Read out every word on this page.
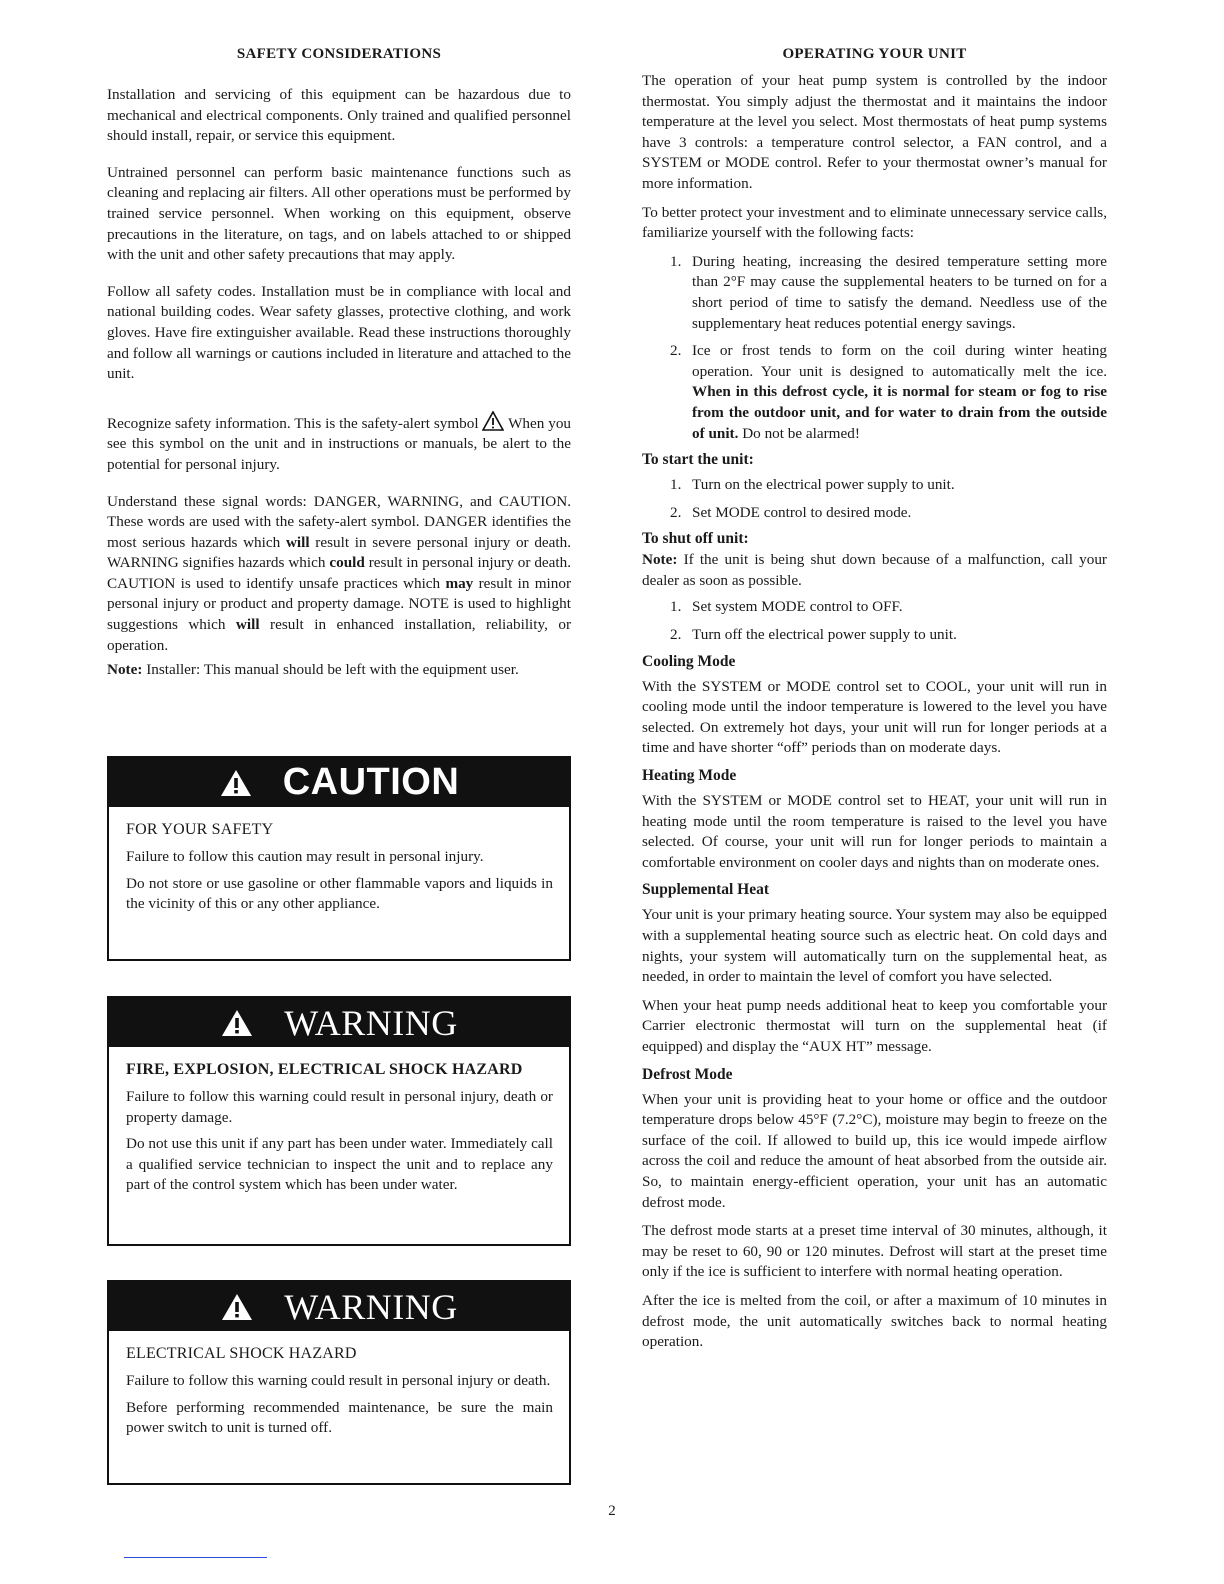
SAFETY CONSIDERATIONS

Installation and servicing of this equipment can be hazardous due to mechanical and electrical components. Only trained and qualified personnel should install, repair, or service this equipment.

Untrained personnel can perform basic maintenance functions such as cleaning and replacing air filters. All other operations must be performed by trained service personnel. When working on this equipment, observe precautions in the literature, on tags, and on labels attached to or shipped with the unit and other safety precautions that may apply.

Follow all safety codes. Installation must be in compliance with local and national building codes. Wear safety glasses, protective clothing, and work gloves. Have fire extinguisher available. Read these instructions thoroughly and follow all warnings or cautions included in literature and attached to the unit.

Recognize safety information. This is the safety-alert symbol When you see this symbol on the unit and in instructions or manuals, be alert to the potential for personal injury.

Understand these signal words: DANGER, WARNING, and CAUTION. These words are used with the safety-alert symbol. DANGER identifies the most serious hazards which will result in severe personal injury or death. WARNING signifies hazards which could result in personal injury or death. CAUTION is used to identify unsafe practices which may result in minor personal injury or product and property damage. NOTE is used to highlight suggestions which will result in enhanced installation, reliability, or operation.

Note: Installer: This manual should be left with the equipment user.

CAUTION
FOR YOUR SAFETY

Failure to follow this caution may result in personal injury.

Do not store or use gasoline or other flammable vapors and liquids in the vicinity of this or any other appliance.

WARNING
FIRE, EXPLOSION, ELECTRICAL SHOCK HAZARD

Failure to follow this warning could result in personal injury, death or property damage.

Do not use this unit if any part has been under water. Immediately call a qualified service technician to inspect the unit and to replace any part of the control system which has been under water.

WARNING
ELECTRICAL SHOCK HAZARD

Failure to follow this warning could result in personal injury or death.

Before performing recommended maintenance, be sure the main power switch to unit is turned off.

OPERATING YOUR UNIT

The operation of your heat pump system is controlled by the indoor thermostat. You simply adjust the thermostat and it maintains the indoor temperature at the level you select. Most thermostats of heat pump systems have 3 controls: a temperature control selector, a FAN control, and a SYSTEM or MODE control. Refer to your thermostat owner’s manual for more information.

To better protect your investment and to eliminate unnecessary service calls, familiarize yourself with the following facts:

1. During heating, increasing the desired temperature setting more than 2°F may cause the supplemental heaters to be turned on for a short period of time to satisfy the demand. Needless use of the supplementary heat reduces potential energy savings.
2. Ice or frost tends to form on the coil during winter heating operation. Your unit is designed to automatically melt the ice. When in this defrost cycle, it is normal for steam or fog to rise from the outdoor unit, and for water to drain from the outside of unit. Do not be alarmed!
To start the unit:
1. Turn on the electrical power supply to unit.
2. Set MODE control to desired mode.
To shut off unit:

Note: If the unit is being shut down because of a malfunction, call your dealer as soon as possible.

1. Set system MODE control to OFF.
2. Turn off the electrical power supply to unit.
Cooling Mode

With the SYSTEM or MODE control set to COOL, your unit will run in cooling mode until the indoor temperature is lowered to the level you have selected. On extremely hot days, your unit will run for longer periods at a time and have shorter “off” periods than on moderate days.

Heating Mode

With the SYSTEM or MODE control set to HEAT, your unit will run in heating mode until the room temperature is raised to the level you have selected. Of course, your unit will run for longer periods to maintain a comfortable environment on cooler days and nights than on moderate ones.

Supplemental Heat

Your unit is your primary heating source. Your system may also be equipped with a supplemental heating source such as electric heat. On cold days and nights, your system will automatically turn on the supplemental heat, as needed, in order to maintain the level of comfort you have selected.

When your heat pump needs additional heat to keep you comfortable your Carrier electronic thermostat will turn on the supplemental heat (if equipped) and display the “AUX HT” message.

Defrost Mode

When your unit is providing heat to your home or office and the outdoor temperature drops below 45°F (7.2°C), moisture may begin to freeze on the surface of the coil. If allowed to build up, this ice would impede airflow across the coil and reduce the amount of heat absorbed from the outside air. So, to maintain energy-efficient operation, your unit has an automatic defrost mode.

The defrost mode starts at a preset time interval of 30 minutes, although, it may be reset to 60, 90 or 120 minutes. Defrost will start at the preset time only if the ice is sufficient to interfere with normal heating operation.

After the ice is melted from the coil, or after a maximum of 10 minutes in defrost mode, the unit automatically switches back to normal heating operation.

2
